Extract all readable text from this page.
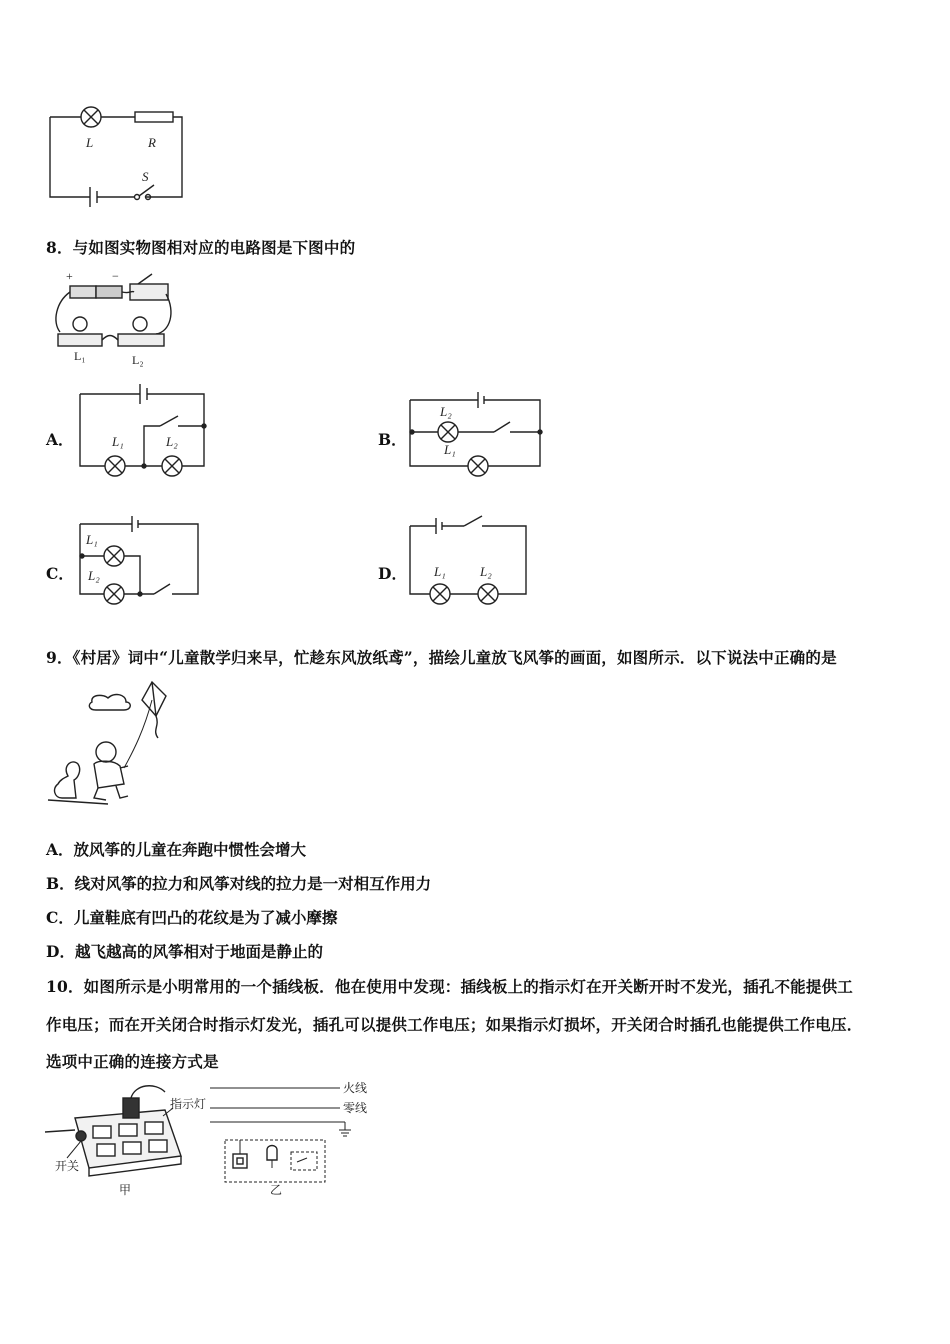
L	R
S
8．与如图实物图相对应的电路图是下图中的
+	−
L₁	L₂
A．	L₁	L₂	B．
L₂
L₁
C．
L₁
L₂	D． L₁	L₂
9．《村居》词中“儿童散学归来早，忙趁东风放纸鸢”，描绘儿童放飞风筝的画面，如图所示．以下说法中正确的是
A．放风筝的儿童在奔跑中惯性会增大
B．线对风筝的拉力和风筝对线的拉力是一对相互作用力
C．儿童鞋底有凹凸的花纹是为了减小摩擦
D．越飞越高的风筝相对于地面是静止的
10．如图所示是小明常用的一个插线板．他在使用中发现：插线板上的指示灯在开关断开时不发光，插孔不能提供工
作电压；而在开关闭合时指示灯发光，插孔可以提供工作电压；如果指示灯损坏，开关闭合时插孔也能提供工作电压．
选项中正确的连接方式是
火线
零线
指示灯
开关
甲	乙
